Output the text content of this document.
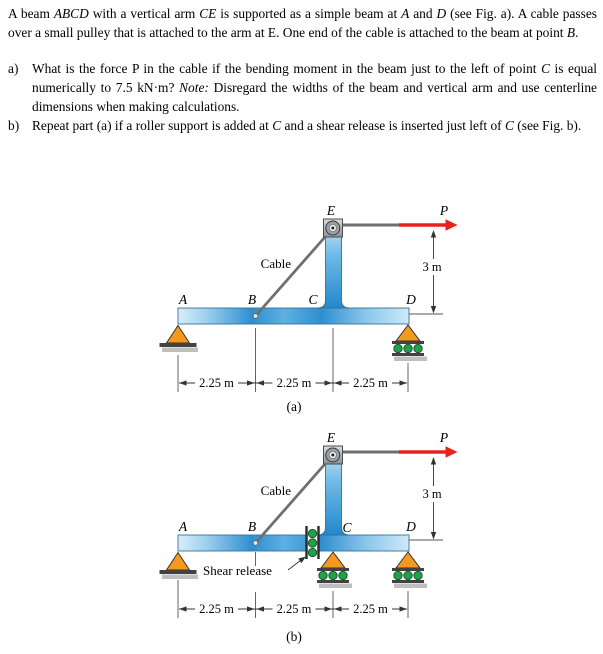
A beam ABCD with a vertical arm CE is supported as a simple beam at A and D (see Fig. a). A cable passes over a small pulley that is attached to the arm at E. One end of the cable is attached to the beam at point B.

a)	What is the force P in the cable if the bending moment in the beam just to the left of point C is equal numerically to 7.5 kN·m? Note: Disregard the widths of the beam and vertical arm and use centerline dimensions when making calculations.
b) Repeat part (a) if a roller support is added at C and a shear release is inserted just left of C (see Fig. b).
2.25 m	2.25 m	2.25 m
3 m
A	B	C	D
E	P
Cable
(a)
2.25 m	2.25 m	2.25 m
3 m
Shear release
A	B	C	D
E	P
Cable
(b)
